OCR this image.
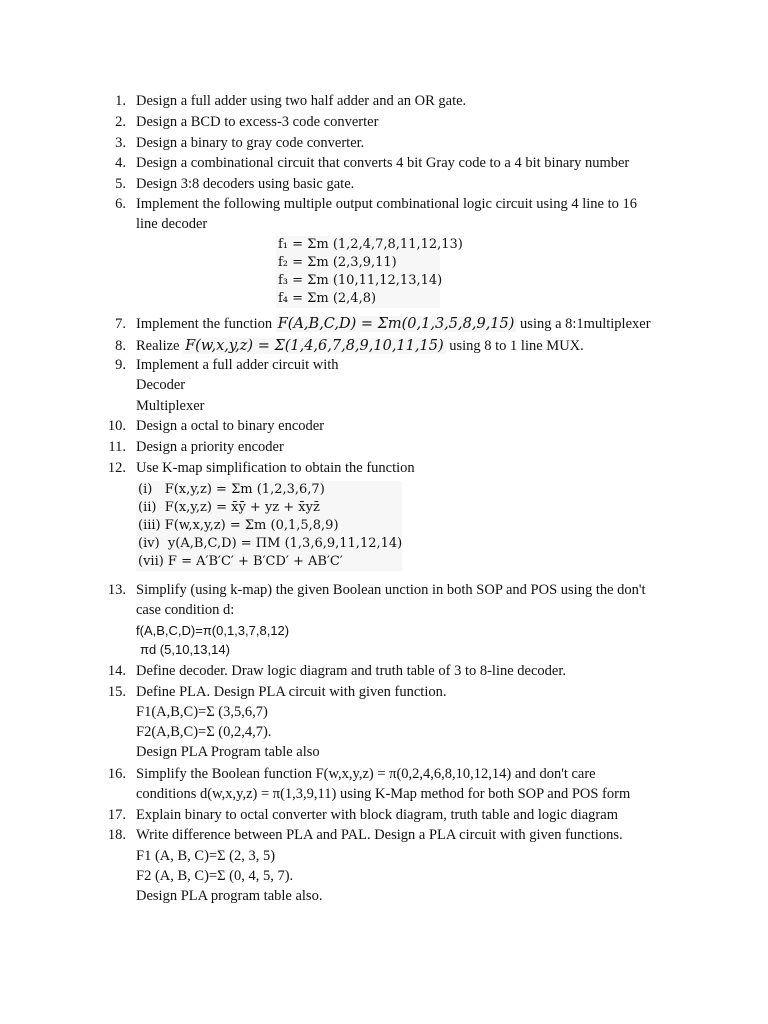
1. Design a full adder using two half adder and an OR gate.
2. Design a BCD to excess-3 code converter
3. Design a binary to gray code converter.
4. Design a combinational circuit that converts 4 bit Gray code to a 4 bit binary number
5. Design 3:8 decoders using basic gate.
6. Implement the following multiple output combinational logic circuit using 4 line to 16
line decoder
f₁ = Σm (1,2,4,7,8,11,12,13)
f₂ = Σm (2,3,9,11)
f₃ = Σm (10,11,12,13,14)
f₄ = Σm (2,4,8)
7. Implement the function F(A,B,C,D) = Σm(0,1,3,5,8,9,15) using a 8:1multiplexer
8. Realize F(w,x,y,z) = Σ(1,4,6,7,8,9,10,11,15) using 8 to 1 line MUX.
9. Implement a full adder circuit with
Decoder
Multiplexer
10. Design a octal to binary encoder
11. Design a priority encoder
12. Use K-map simplification to obtain the function
(i)   F(x,y,z) = Σm (1,2,3,6,7)
(ii)  F(x,y,z) = x̄ȳ + yz + x̄yz̄
(iii) F(w,x,y,z) = Σm (0,1,5,8,9)
(iv)  y(A,B,C,D) = ΠM (1,3,6,9,11,12,14)
(vii) F = A′B′C′ + B′CD′ + AB′C′
13. Simplify (using k-map) the given Boolean unction in both SOP and POS using the don't
case condition d:
f(A,B,C,D)=π(0,1,3,7,8,12)
πd (5,10,13,14)
14. Define decoder. Draw logic diagram and truth table of 3 to 8-line decoder.
15. Define PLA. Design PLA circuit with given function.
F1(A,B,C)=Σ (3,5,6,7)
F2(A,B,C)=Σ (0,2,4,7).
Design PLA Program table also
16. Simplify the Boolean function F(w,x,y,z) = π(0,2,4,6,8,10,12,14) and don't care
conditions d(w,x,y,z) = π(1,3,9,11) using K-Map method for both SOP and POS form
17. Explain binary to octal converter with block diagram, truth table and logic diagram
18. Write difference between PLA and PAL. Design a PLA circuit with given functions.
F1 (A, B, C)=Σ (2, 3, 5)
F2 (A, B, C)=Σ (0, 4, 5, 7).
Design PLA program table also.
